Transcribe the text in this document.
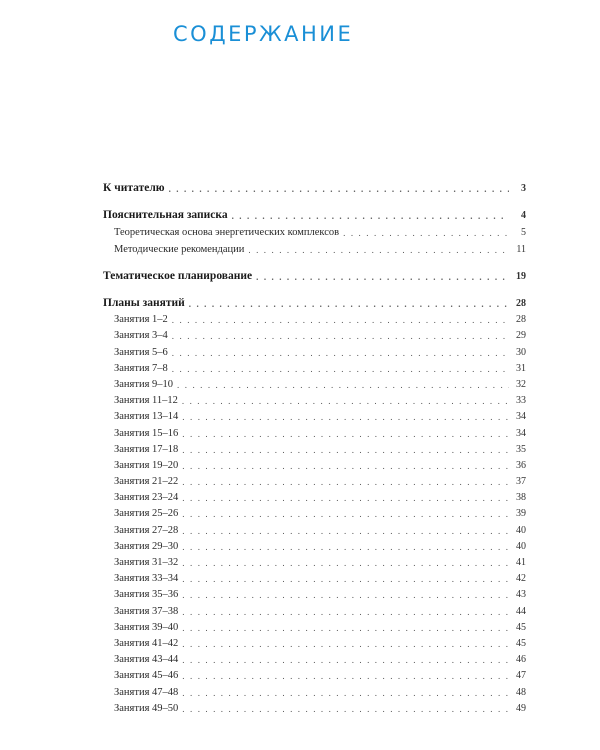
СОДЕРЖАНИЕ
К читателю . . .	3
Пояснительная записка . . .	4
Теоретическая основа энергетических комплексов . . .	5
Методические рекомендации . . .	11
Тематическое планирование . . .	19
Планы занятий . . .	28
Занятия 1–2 . . .	28
Занятия 3–4 . . .	29
Занятия 5–6 . . .	30
Занятия 7–8 . . .	31
Занятия 9–10 . . .	32
Занятия 11–12 . . .	33
Занятия 13–14 . . .	34
Занятия 15–16 . . .	34
Занятия 17–18 . . .	35
Занятия 19–20 . . .	36
Занятия 21–22 . . .	37
Занятия 23–24 . . .	38
Занятия 25–26 . . .	39
Занятия 27–28 . . .	40
Занятия 29–30 . . .	40
Занятия 31–32 . . .	41
Занятия 33–34 . . .	42
Занятия 35–36 . . .	43
Занятия 37–38 . . .	44
Занятия 39–40 . . .	45
Занятия 41–42 . . .	45
Занятия 43–44 . . .	46
Занятия 45–46 . . .	47
Занятия 47–48 . . .	48
Занятия 49–50 . . .	49
